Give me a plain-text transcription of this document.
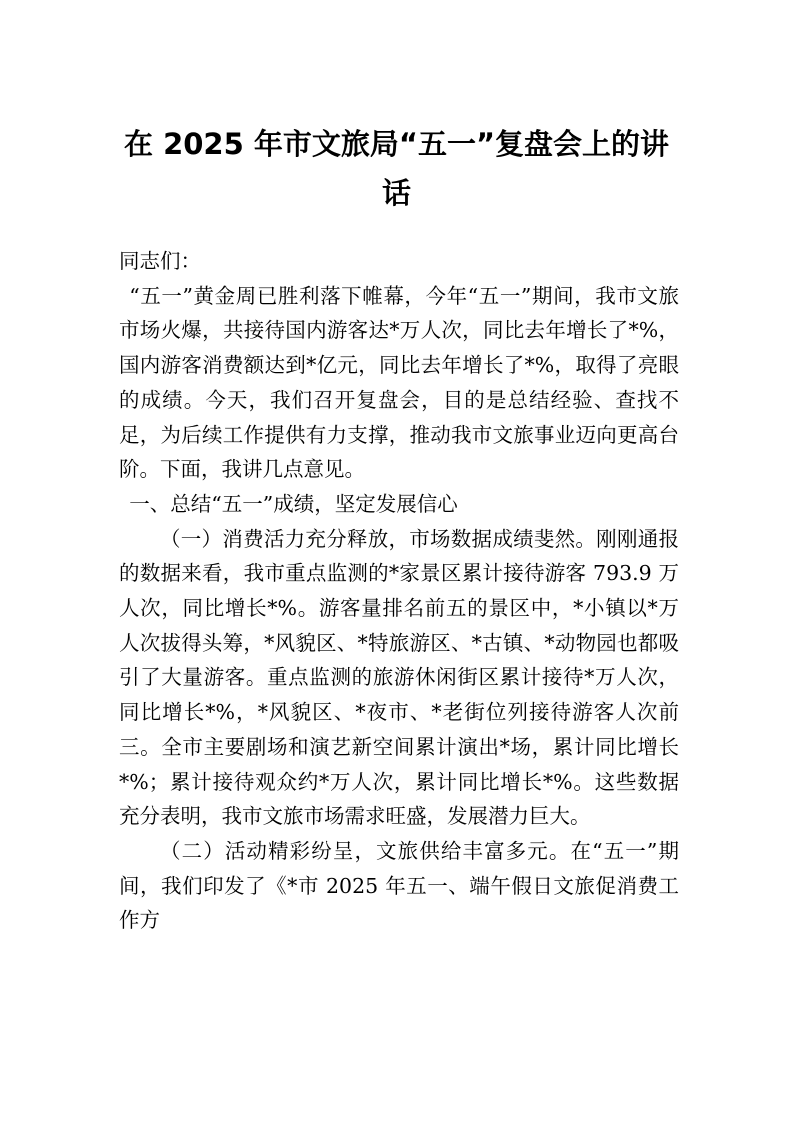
在 2025 年市文旅局“五一”复盘会上的讲
话

同志们：

“五一”黄金周已胜利落下帷幕，今年“五一”期间，我市文旅市场火爆，共接待国内游客达*万人次，同比去年增长了*%，国内游客消费额达到*亿元，同比去年增长了*%，取得了亮眼的成绩。今天，我们召开复盘会，目的是总结经验、查找不足，为后续工作提供有力支撑，推动我市文旅事业迈向更高台阶。下面，我讲几点意见。

一、总结“五一”成绩，坚定发展信心

（一）消费活力充分释放，市场数据成绩斐然。刚刚通报的数据来看，我市重点监测的*家景区累计接待游客 793.9 万人次，同比增长*%。游客量排名前五的景区中，*小镇以*万人次拔得头筹，*风貌区、*特旅游区、*古镇、*动物园也都吸引了大量游客。重点监测的旅游休闲街区累计接待*万人次，同比增长*%，*风貌区、*夜市、*老街位列接待游客人次前三。全市主要剧场和演艺新空间累计演出*场，累计同比增长*%；累计接待观众约*万人次，累计同比增长*%。这些数据充分表明，我市文旅市场需求旺盛，发展潜力巨大。

（二）活动精彩纷呈，文旅供给丰富多元。在“五一”期间，我们印发了《*市 2025 年五一、端午假日文旅促消费工作方
